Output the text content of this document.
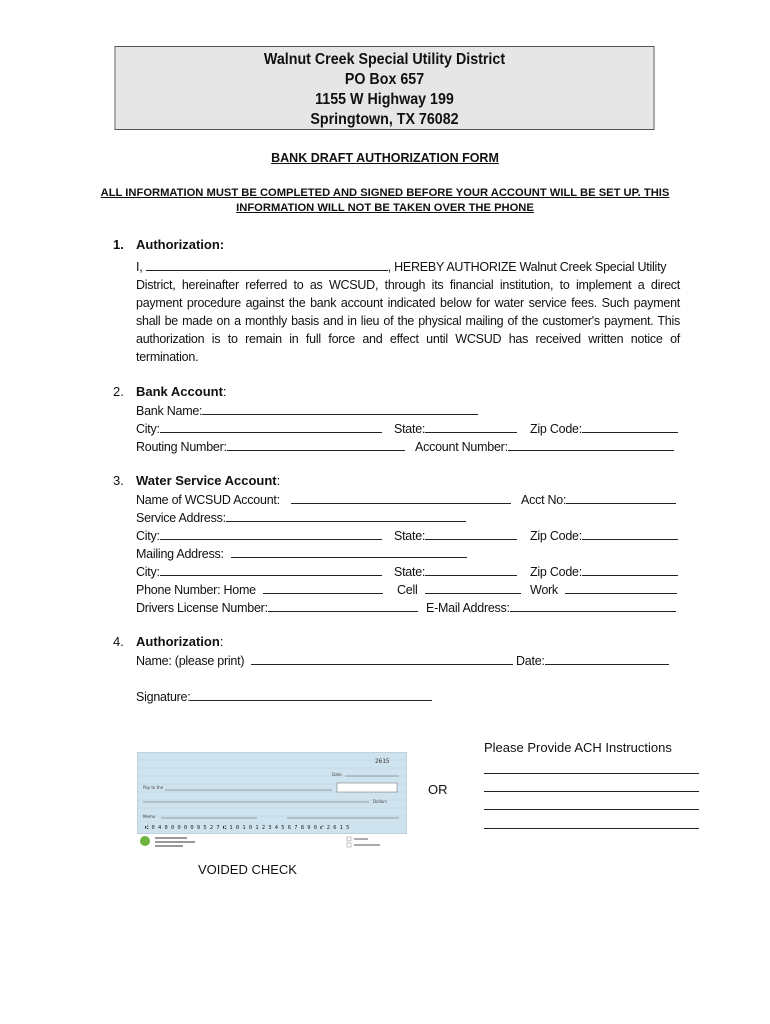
Walnut Creek Special Utility District
PO Box 657
1155 W Highway 199
Springtown, TX 76082
BANK DRAFT AUTHORIZATION FORM
ALL INFORMATION MUST BE COMPLETED AND SIGNED BEFORE YOUR ACCOUNT WILL BE SET UP. THIS INFORMATION WILL NOT BE TAKEN OVER THE PHONE
1. Authorization:
I,	, HEREBY AUTHORIZE Walnut Creek Special Utility
District, hereinafter referred to as WCSUD, through its financial institution, to implement a direct payment procedure against the bank account indicated below for water service fees. Such payment shall be made on a monthly basis and in lieu of the physical mailing of the customer's payment. This authorization is to remain in full force and effect until WCSUD has received written notice of termination.
2. Bank Account:
Bank Name:
City:	State:	Zip Code:
Routing Number:	Account Number:
3. Water Service Account:
Name of WCSUD Account:	Acct No:
Service Address:
City:	State:	Zip Code:
Mailing Address:
City:	State:	Zip Code:
Phone Number: Home	Cell	Work
Drivers License Number:	E-Mail Address:
4. Authorization:
Name: (please print)	Date:
Signature:
2615
Date
Pay to the
Dollars
Memo
⑆ 0 4 0 0 0 0 0 9 5 2 7 ⑆ 1 0 1 0 1 2 3 4 5 6 7 8 9 0 ⑈ 2 6 1 5
OR
VOIDED CHECK
Please Provide ACH Instructions
